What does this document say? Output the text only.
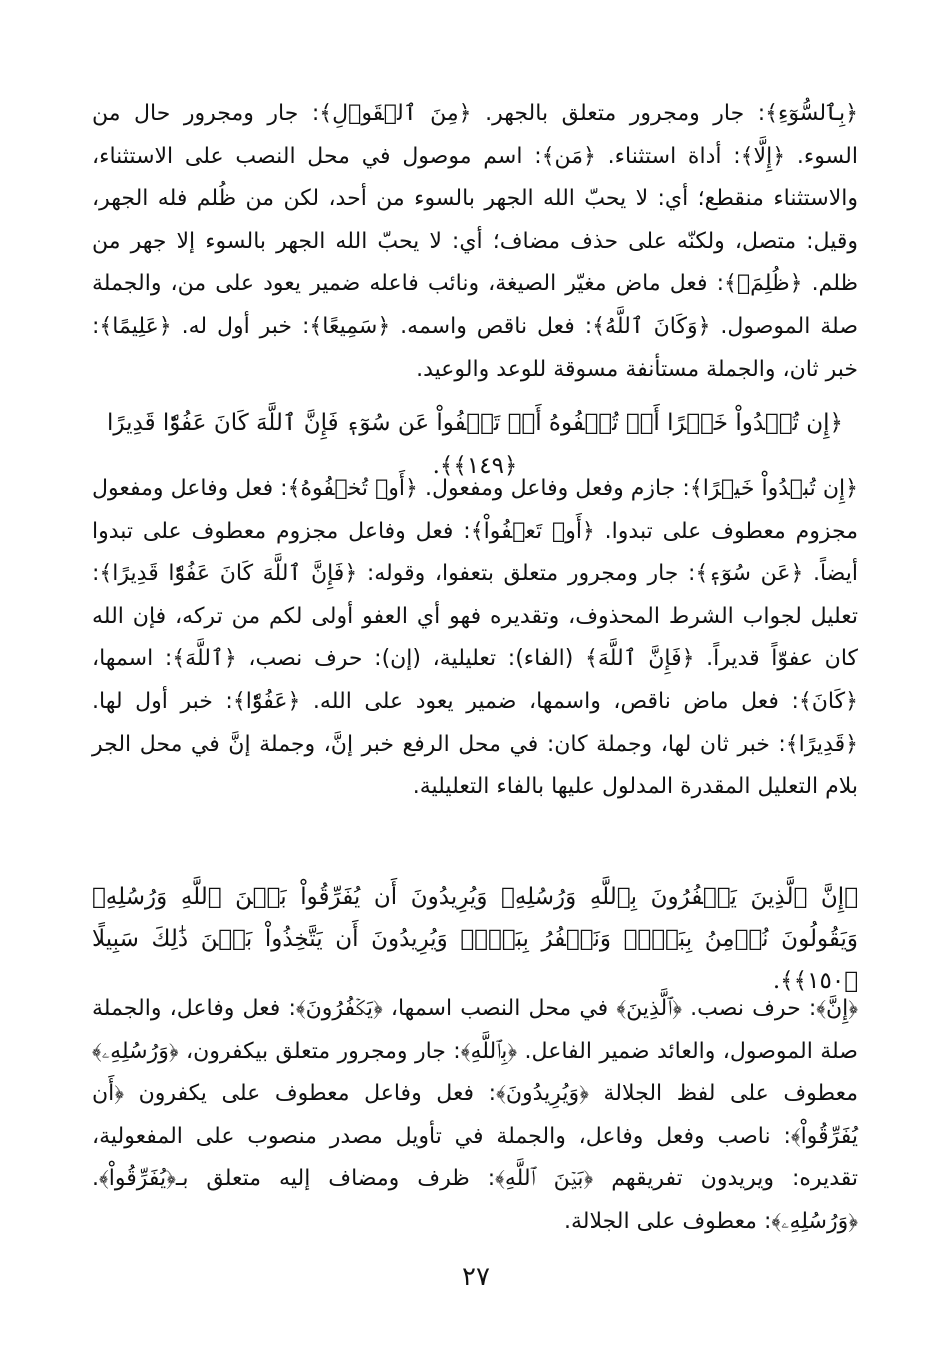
﴿بِٱلسُّوٓءِ﴾: جار ومجرور متعلق بالجهر. ﴿مِنَ ٱلۡقَوۡلِ﴾: جار ومجرور حال من السوء. ﴿إِلَّا﴾: أداة استثناء. ﴿مَن﴾: اسم موصول في محل النصب على الاستثناء، والاستثناء منقطع؛ أي: لا يحبّ الله الجهر بالسوء من أحد، لكن من ظُلم فله الجهر، وقيل: متصل، ولكنّه على حذف مضاف؛ أي: لا يحبّ الله الجهر بالسوء إلا جهر من ظلم. ﴿ظُلِمَۚ﴾: فعل ماض مغيّر الصيغة، ونائب فاعله ضمير يعود على من، والجملة صلة الموصول. ﴿وَكَانَ ٱللَّهُ﴾: فعل ناقص واسمه. ﴿سَمِيعًا﴾: خبر أول له. ﴿عَلِيمًا﴾: خبر ثان، والجملة مستأنفة مسوقة للوعد والوعيد.

﴿إِن تُبۡدُواْ خَيۡرًا أَوۡ تُخۡفُوهُ أَوۡ تَعۡفُواْ عَن سُوٓءٖ فَإِنَّ ٱللَّهَ كَانَ عَفُوّٗا قَدِيرًا ﴿١٤٩﴾﴾.

﴿إِن تُبۡدُواْ خَيۡرًا﴾: جازم وفعل وفاعل ومفعول. ﴿أَوۡ تُخۡفُوهُ﴾: فعل وفاعل ومفعول مجزوم معطوف على تبدوا. ﴿أَوۡ تَعۡفُواْ﴾: فعل وفاعل مجزوم معطوف على تبدوا أيضاً. ﴿عَن سُوٓءٖ﴾: جار ومجرور متعلق بتعفوا، وقوله: ﴿فَإِنَّ ٱللَّهَ كَانَ عَفُوّٗا قَدِيرًا﴾: تعليل لجواب الشرط المحذوف، وتقديره فهو أي العفو أولى لكم من تركه، فإن الله كان عفوّاً قديراً. ﴿فَإِنَّ ٱللَّهَ﴾ (الفاء): تعليلية، (إن): حرف نصب، ﴿ٱللَّهَ﴾: اسمها، ﴿كَانَ﴾: فعل ماض ناقص، واسمها، ضمير يعود على الله. ﴿عَفُوّٗا﴾: خبر أول لها. ﴿قَدِيرًا﴾: خبر ثان لها، وجملة كان: في محل الرفع خبر إنَّ، وجملة إنَّ في محل الجر بلام التعليل المقدرة المدلول عليها بالفاء التعليلية.

﴿إِنَّ ٱلَّذِينَ يَكۡفُرُونَ بِٱللَّهِ وَرُسُلِهِۦ وَيُرِيدُونَ أَن يُفَرِّقُواْ بَيۡنَ ٱللَّهِ وَرُسُلِهِۦ وَيَقُولُونَ نُؤۡمِنُ بِبَعۡضٖ وَنَكۡفُرُ بِبَعۡضٖ وَيُرِيدُونَ أَن يَتَّخِذُواْ بَيۡنَ ذَٰلِكَ سَبِيلًا ﴿١٥٠﴾﴾.

﴿إِنَّ﴾: حرف نصب. ﴿ٱلَّذِينَ﴾ في محل النصب اسمها، ﴿يَكۡفُرُونَ﴾: فعل وفاعل، والجملة صلة الموصول، والعائد ضمير الفاعل. ﴿بِٱللَّهِ﴾: جار ومجرور متعلق بيكفرون، ﴿وَرُسُلِهِۦ﴾ معطوف على لفظ الجلالة ﴿وَيُرِيدُونَ﴾: فعل وفاعل معطوف على يكفرون ﴿أَن يُفَرِّقُواْ﴾: ناصب وفعل وفاعل، والجملة في تأويل مصدر منصوب على المفعولية، تقديره: ويريدون تفريقهم ﴿بَيۡنَ ٱللَّهِ﴾: ظرف ومضاف إليه متعلق بـ﴿يُفَرِّقُواْ﴾. ﴿وَرُسُلِهِۦ﴾: معطوف على الجلالة.

٢٧
